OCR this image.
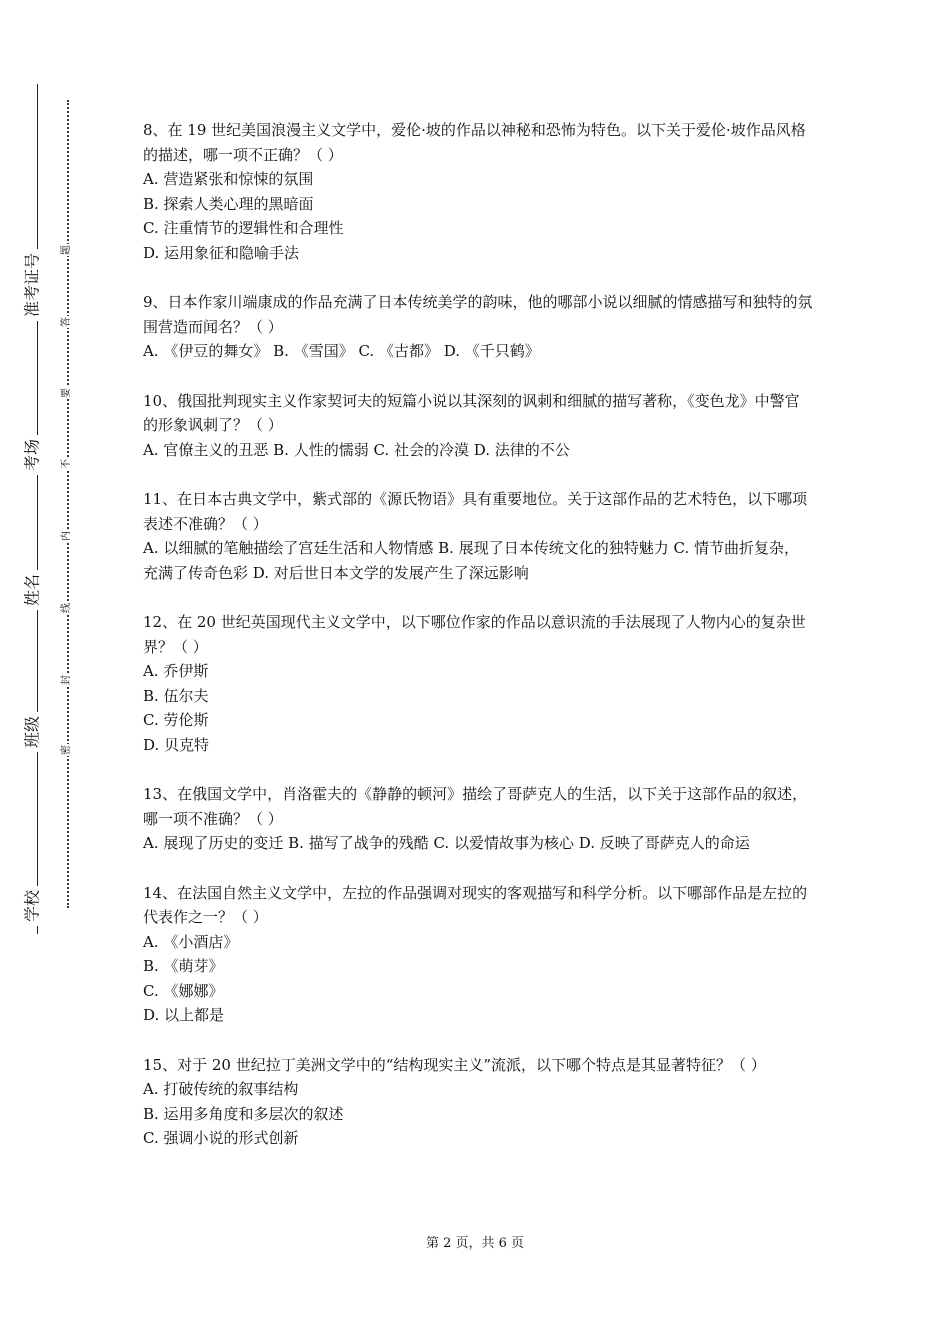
准考证号
考场
姓名
班级
学校
题
答
要
不
内
线
封
密
8、在 19 世纪美国浪漫主义文学中，爱伦·坡的作品以神秘和恐怖为特色。以下关于爱伦·坡作品风格的描述，哪一项不正确？（ ）
A. 营造紧张和惊悚的氛围
B. 探索人类心理的黑暗面
C. 注重情节的逻辑性和合理性
D. 运用象征和隐喻手法
9、日本作家川端康成的作品充满了日本传统美学的韵味，他的哪部小说以细腻的情感描写和独特的氛围营造而闻名？（ ）
A. 《伊豆的舞女》 B. 《雪国》 C. 《古都》 D. 《千只鹤》
10、俄国批判现实主义作家契诃夫的短篇小说以其深刻的讽刺和细腻的描写著称，《变色龙》中警官的形象讽刺了？（ ）
A. 官僚主义的丑恶 B. 人性的懦弱 C. 社会的冷漠 D. 法律的不公
11、在日本古典文学中，紫式部的《源氏物语》具有重要地位。关于这部作品的艺术特色，以下哪项表述不准确？（ ）
A. 以细腻的笔触描绘了宫廷生活和人物情感 B. 展现了日本传统文化的独特魅力 C. 情节曲折复杂，充满了传奇色彩 D. 对后世日本文学的发展产生了深远影响
12、在 20 世纪英国现代主义文学中，以下哪位作家的作品以意识流的手法展现了人物内心的复杂世界？（ ）
A. 乔伊斯
B. 伍尔夫
C. 劳伦斯
D. 贝克特
13、在俄国文学中，肖洛霍夫的《静静的顿河》描绘了哥萨克人的生活，以下关于这部作品的叙述，哪一项不准确？（ ）
A. 展现了历史的变迁 B. 描写了战争的残酷 C. 以爱情故事为核心 D. 反映了哥萨克人的命运
14、在法国自然主义文学中，左拉的作品强调对现实的客观描写和科学分析。以下哪部作品是左拉的代表作之一？（ ）
A. 《小酒店》
B. 《萌芽》
C. 《娜娜》
D. 以上都是
15、对于 20 世纪拉丁美洲文学中的“结构现实主义”流派，以下哪个特点是其显著特征？（ ）
A. 打破传统的叙事结构
B. 运用多角度和多层次的叙述
C. 强调小说的形式创新
第 2 页，共 6 页
